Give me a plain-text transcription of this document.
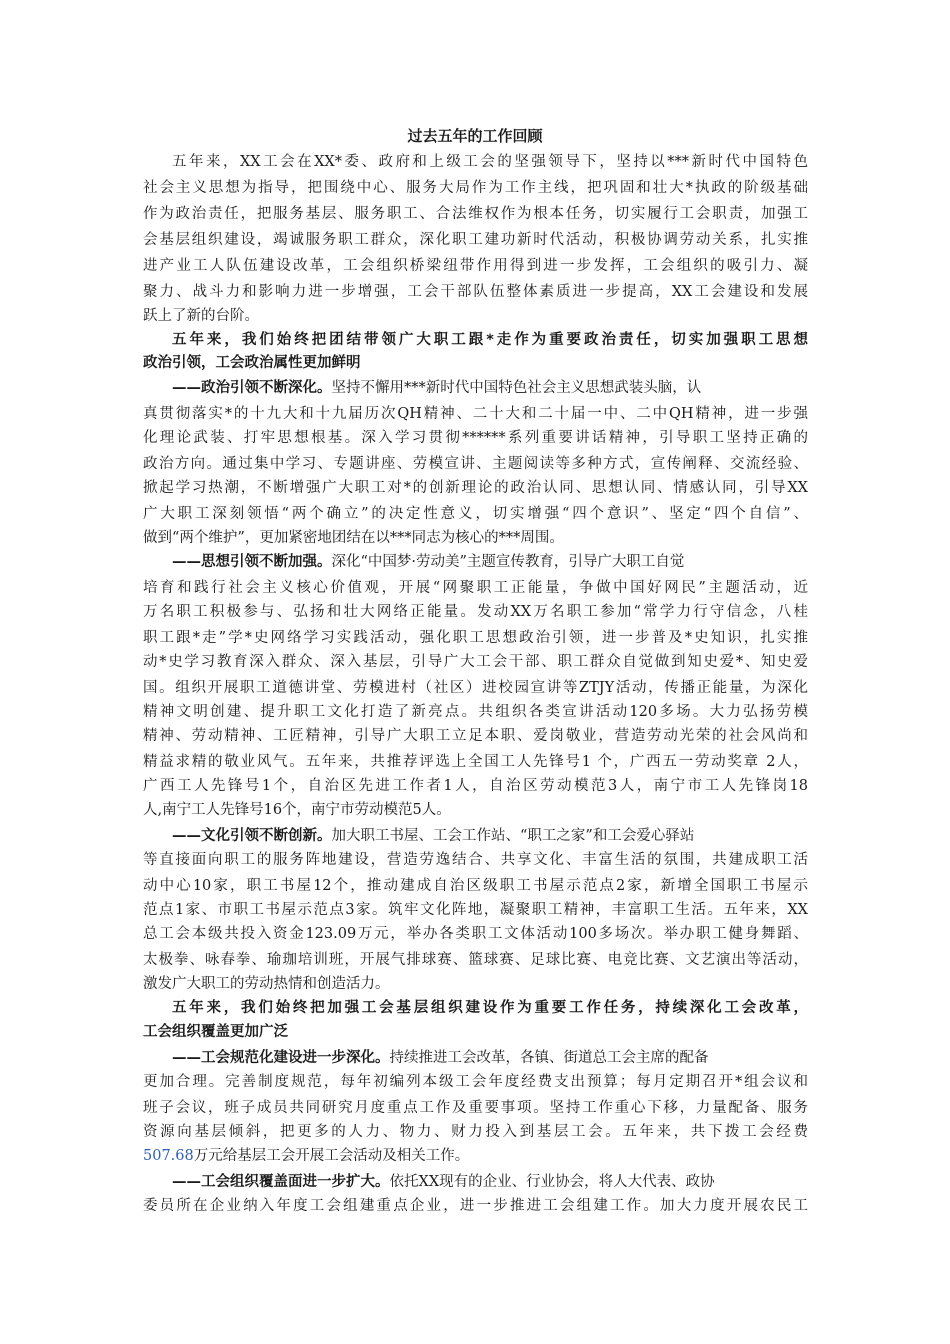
过去五年的工作回顾
五年来，XX工会在XX*委、政府和上级工会的坚强领导下，坚持以***新时代中国特色
社会主义思想为指导，把围绕中心、服务大局作为工作主线，把巩固和壮大*执政的阶级基础
作为政治责任，把服务基层、服务职工、合法维权作为根本任务，切实履行工会职责，加强工
会基层组织建设，竭诚服务职工群众，深化职工建功新时代活动，积极协调劳动关系，扎实推
进产业工人队伍建设改革，工会组织桥梁纽带作用得到进一步发挥，工会组织的吸引力、凝
聚力、战斗力和影响力进一步增强，工会干部队伍整体素质进一步提高，XX工会建设和发展
跃上了新的台阶。
五年来，我们始终把团结带领广大职工跟*走作为重要政治责任，切实加强职工思想
政治引领，工会政治属性更加鲜明
——政治引领不断深化。坚持不懈用***新时代中国特色社会主义思想武装头脑，认
真贯彻落实*的十九大和十九届历次QH精神、二十大和二十届一中、二中QH精神，进一步强
化理论武装、打牢思想根基。深入学习贯彻******系列重要讲话精神，引导职工坚持正确的
政治方向。通过集中学习、专题讲座、劳模宣讲、主题阅读等多种方式，宣传阐释、交流经验、
掀起学习热潮，不断增强广大职工对*的创新理论的政治认同、思想认同、情感认同，引导XX
广大职工深刻领悟“两个确立”的决定性意义，切实增强“四个意识”、坚定“四个自信”、
做到“两个维护”，更加紧密地团结在以***同志为核心的***周围。
——思想引领不断加强。深化“中国梦·劳动美”主题宣传教育，引导广大职工自觉
培育和践行社会主义核心价值观，开展“网聚职工正能量，争做中国好网民”主题活动，近
万名职工积极参与、弘扬和壮大网络正能量。发动XX万名职工参加“常学力行守信念，八桂
职工跟*走”学*史网络学习实践活动，强化职工思想政治引领，进一步普及*史知识，扎实推
动*史学习教育深入群众、深入基层，引导广大工会干部、职工群众自觉做到知史爱*、知史爱
国。组织开展职工道德讲堂、劳模进村（社区）进校园宣讲等ZTJY活动，传播正能量，为深化
精神文明创建、提升职工文化打造了新亮点。共组织各类宣讲活动120多场。大力弘扬劳模
精神、劳动精神、工匠精神，引导广大职工立足本职、爱岗敬业，营造劳动光荣的社会风尚和
精益求精的敬业风气。五年来，共推荐评选上全国工人先锋号1 个，广西五一劳动奖章 2人，
广西工人先锋号1个，自治区先进工作者1人，自治区劳动模范3人，南宁市工人先锋岗18
人,南宁工人先锋号16个，南宁市劳动模范5人。
——文化引领不断创新。加大职工书屋、工会工作站、“职工之家”和工会爱心驿站
等直接面向职工的服务阵地建设，营造劳逸结合、共享文化、丰富生活的氛围，共建成职工活
动中心10家，职工书屋12个，推动建成自治区级职工书屋示范点2家，新增全国职工书屋示
范点1家、市职工书屋示范点3家。筑牢文化阵地，凝聚职工精神，丰富职工生活。五年来，XX
总工会本级共投入资金123.09万元，举办各类职工文体活动100多场次。举办职工健身舞蹈、
太极拳、咏春拳、瑜珈培训班，开展气排球赛、篮球赛、足球比赛、电竞比赛、文艺演出等活动，
激发广大职工的劳动热情和创造活力。
五年来，我们始终把加强工会基层组织建设作为重要工作任务，持续深化工会改革，
工会组织覆盖更加广泛
——工会规范化建设进一步深化。持续推进工会改革，各镇、街道总工会主席的配备
更加合理。完善制度规范，每年初编列本级工会年度经费支出预算；每月定期召开*组会议和
班子会议，班子成员共同研究月度重点工作及重要事项。坚持工作重心下移，力量配备、服务
资源向基层倾斜，把更多的人力、物力、财力投入到基层工会。五年来，共下拨工会经费
507.68万元给基层工会开展工会活动及相关工作。
——工会组织覆盖面进一步扩大。依托XX现有的企业、行业协会，将人大代表、政协
委员所在企业纳入年度工会组建重点企业，进一步推进工会组建工作。加大力度开展农民工
